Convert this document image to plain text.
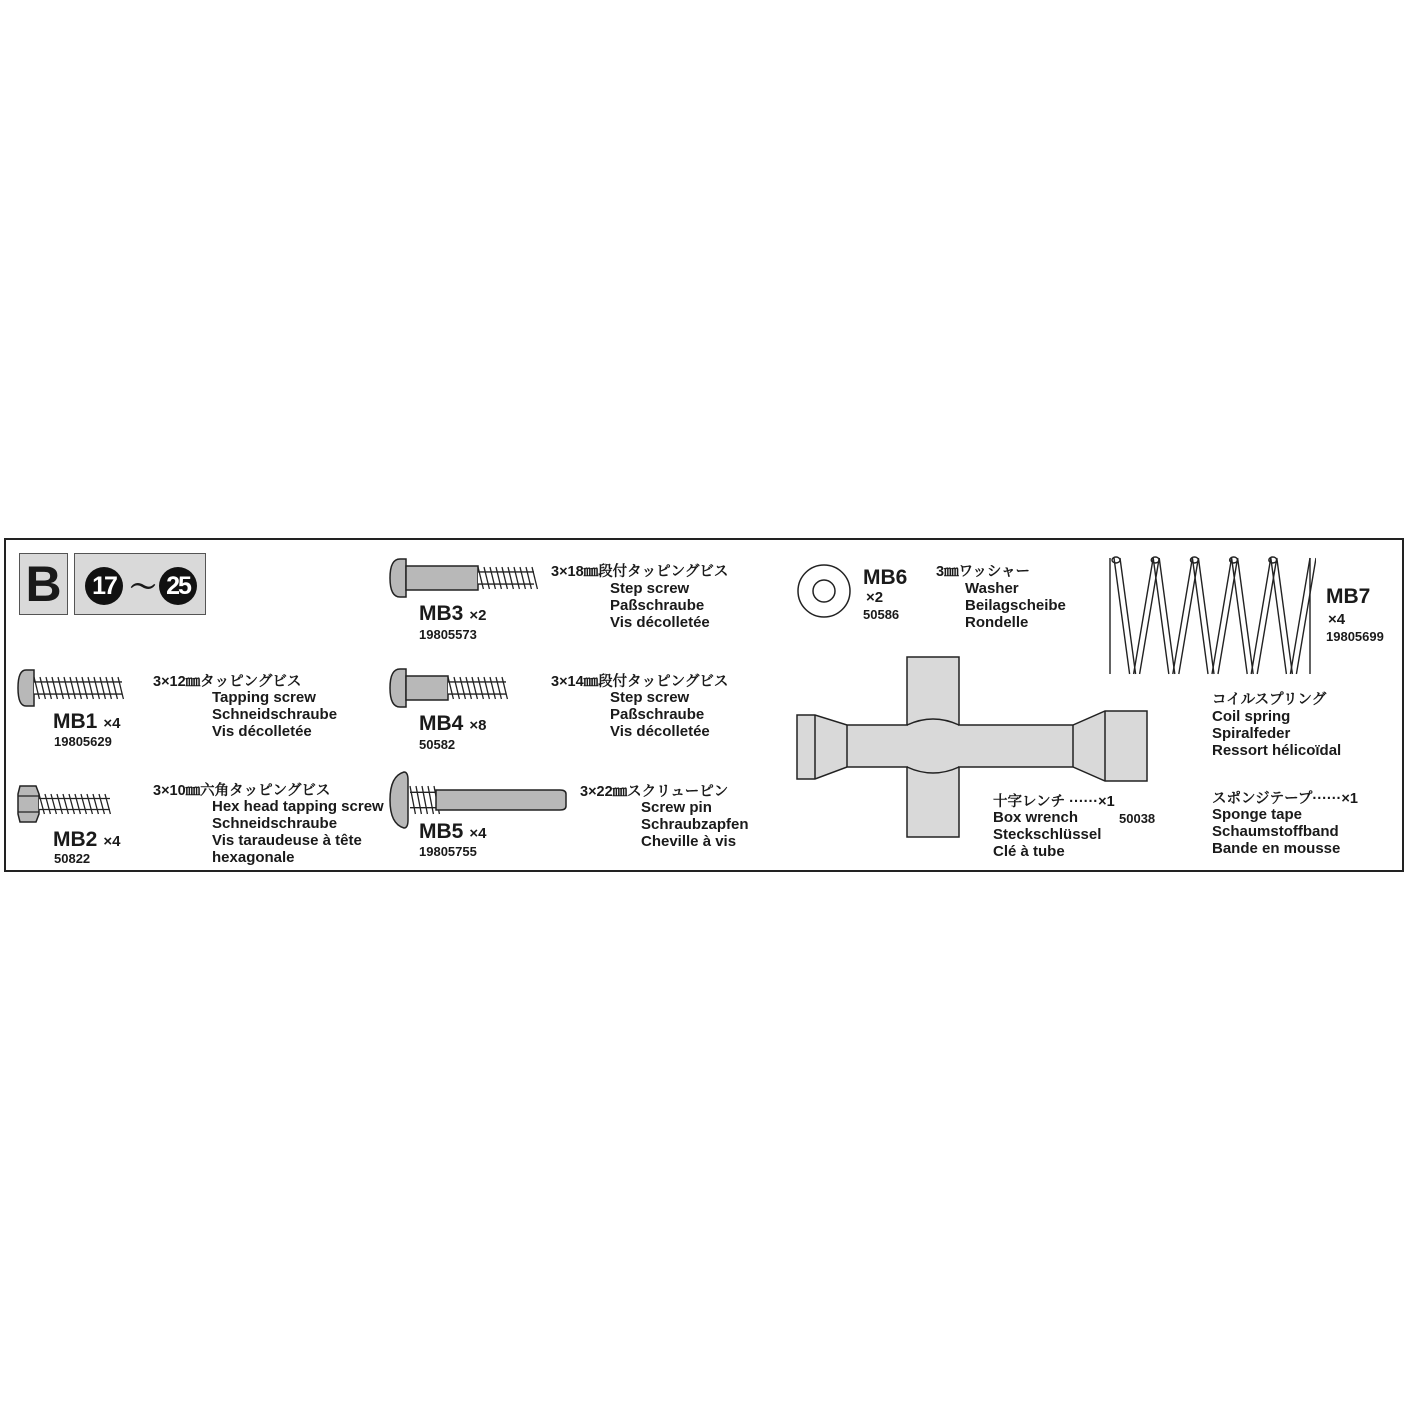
B 17 ～ 25
MB1 ×4
19805629
3×12㎜タッピングビス
Tapping screw
Schneidschraube
Vis décolletée
MB2 ×4
50822
3×10㎜六角タッピングビス
Hex head tapping screw
Schneidschraube
Vis taraudeuse à tête
hexagonale
MB3 ×2
19805573
3×18㎜段付タッピングビス
Step screw
Paßschraube
Vis décolletée
MB4 ×8
50582
3×14㎜段付タッピングビス
Step screw
Paßschraube
Vis décolletée
MB5 ×4
19805755
3×22㎜スクリューピン
Screw pin
Schraubzapfen
Cheville à vis
MB6
×2
50586
3㎜ワッシャー
Washer
Beilagscheibe
Rondelle
十字レンチ ······×1
50038
Box wrench
Steckschlüssel
Clé à tube
MB7
×4
19805699
コイルスプリング
Coil spring
Spiralfeder
Ressort hélicoïdal
スポンジテープ······×1
Sponge tape
Schaumstoffband
Bande en mousse
